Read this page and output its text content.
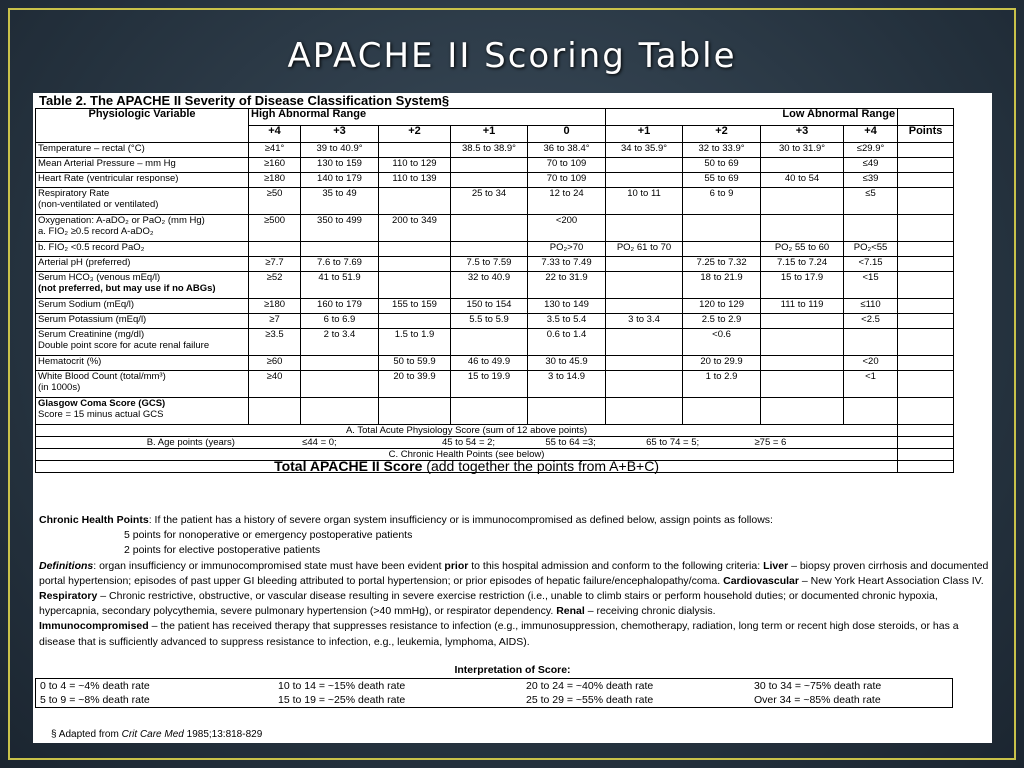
APACHE II Scoring Table
Table 2. The APACHE II Severity of Disease Classification System§
Physiologic Variable	High Abnormal Range					Low Abnormal Range				
	+4	+3	+2	+1	0	+1	+2	+3	+4	Points

Temperature – rectal (°C)	≥41°	39 to 40.9°		38.5 to 38.9°	36 to 38.4°	34 to 35.9°	32 to 33.9°	30 to 31.9°	≤29.9°	

Mean Arterial Pressure – mm Hg	≥160	130 to 159	110 to 129		70 to 109		50 to 69		≤49	

Heart Rate (ventricular response)	≥180	140 to 179	110 to 139		70 to 109		55 to 69	40 to 54	≤39	

Respiratory Rate
(non-ventilated or ventilated)	≥50	35 to 49		25 to 34	12 to 24	10 to 11	6 to 9		≤5	

Oxygenation: A-aDO₂ or PaO₂ (mm Hg)
a. FIO₂ ≥0.5 record A-aDO₂	≥500	350 to 499	200 to 349		<200					

b. FIO₂ <0.5 record PaO₂					PO₂>70	PO₂ 61 to 70		PO₂ 55 to 60	PO₂<55	

Arterial pH (preferred)	≥7.7	7.6 to 7.69		7.5 to 7.59	7.33 to 7.49		7.25 to 7.32	7.15 to 7.24	<7.15	

Serum HCO₃ (venous mEq/l)
(not preferred, but may use if no ABGs)	≥52	41 to 51.9		32 to 40.9	22 to 31.9		18 to 21.9	15 to 17.9	<15	

Serum Sodium (mEq/l)	≥180	160 to 179	155 to 159	150 to 154	130 to 149		120 to 129	111 to 119	≤110	

Serum Potassium (mEq/l)	≥7	6 to 6.9		5.5 to 5.9	3.5 to 5.4	3 to 3.4	2.5 to 2.9		<2.5	

Serum Creatinine (mg/dl)
Double point score for acute renal failure	≥3.5	2 to 3.4	1.5 to 1.9		0.6 to 1.4		<0.6			

Hematocrit (%)	≥60		50 to 59.9	46 to 49.9	30 to 45.9		20 to 29.9		<20	

White Blood Count (total/mm³)
(in 1000s)	≥40		20 to 39.9	15 to 19.9	3 to 14.9		1 to 2.9		<1	

Glasgow Coma Score (GCS)
Score = 15 minus actual GCS										

A. Total Acute Physiology Score (sum of 12 above points)										
B. Age points (years) ≤44 = 0; 45 to 54 = 2; 55 to 64 =3; 65 to 74 = 5; ≥75 = 6										
C. Chronic Health Points (see below)										
Total APACHE II Score (add together the points from A+B+C)										
Chronic Health Points: If the patient has a history of severe organ system insufficiency or is immunocompromised as defined below, assign points as follows:
5 points for nonoperative or emergency postoperative patients
2 points for elective postoperative patients
Definitions: organ insufficiency or immunocompromised state must have been evident prior to this hospital admission and conform to the following criteria: Liver – biopsy proven cirrhosis and documented portal hypertension; episodes of past upper GI bleeding attributed to portal hypertension; or prior episodes of hepatic failure/encephalopathy/coma. Cardiovascular – New York Heart Association Class IV. Respiratory – Chronic restrictive, obstructive, or vascular disease resulting in severe exercise restriction (i.e., unable to climb stairs or perform household duties; or documented chronic hypoxia, hypercapnia, secondary polycythemia, severe pulmonary hypertension (>40 mmHg), or respirator dependency. Renal – receiving chronic dialysis.
Immunocompromised – the patient has received therapy that suppresses resistance to infection (e.g., immunosuppression, chemotherapy, radiation, long term or recent high dose steroids, or has a disease that is sufficiently advanced to suppress resistance to infection, e.g., leukemia, lymphoma, AIDS).
Interpretation of Score:
0 to 4 = ~4% death rate	10 to 14 = ~15% death rate	20 to 24 = ~40% death rate	30 to 34 = ~75% death rate
5 to 9 = ~8% death rate	15 to 19 = ~25% death rate	25 to 29 = ~55% death rate	Over 34 = ~85% death rate
§ Adapted from Crit Care Med 1985;13:818-829
